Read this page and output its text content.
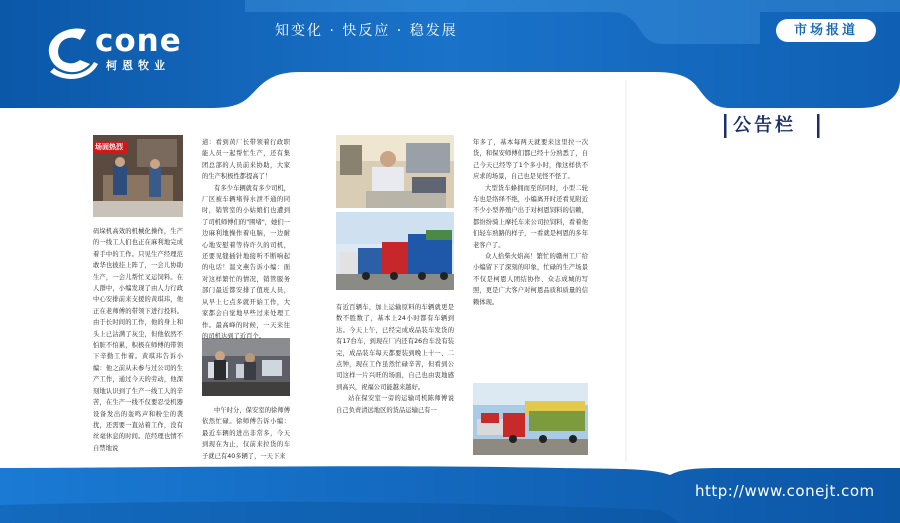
cone
柯恩牧业
知变化 · 快反应 · 稳发展	市场报道
场面热烈

码垛机高效的机械化操作，生产的一线工人们也正在麻利地完成着手中的工作。只见生产经理范敢华也披挂上阵了，一会儿协助生产，一会儿帮忙叉运饲料。在人群中，小编发现了由人力行政中心安排前来支援的黄琪玮，他正在老师傅的带领下进行投料。由于长时间的工作，他的身上和头上已沾满了灰尘，但他依然不怕脏不怕累，积极在师傅的带领下辛勤工作着。黄琪玮告诉小编：他之前从未参与过公司的生产工作，通过今天的劳动，他深刻地认识到了生产一线工人的辛苦，在生产一线不仅要忍受机器设备发出的轰鸣声和粉尘的袭扰，还需要一直站着工作，没有丝毫休息的时间。范经理也情不自禁地说

道：看到黄厂长带领着行政职能人员一起帮忙生产，还有集团总部的人员前来协助，大家的生产积极性都提高了！

有多少车辆就有多少司机，厂区被车辆堵得水泄不通的同时，销管室的小姑娘们也遭到了司机师傅们的"围堵"，她们一边麻利地操作着电脑，一边耐心地安慰着等待许久的司机，还要见缝插针地接听不断响起的电话！温文燕告诉小编：面对这样繁忙的情况，销管服务部门最近都安排了值班人员，从早上七点多就开始工作，大家都会自觉地早些过来处理工作。最高峰的时候，一天来往的司机达到了近百个。

中午时分，保安室的徐师傅依然忙碌。徐师傅告诉小编：最近车辆的进出非常多，今天到现在为止，仅前来拉货的车子就已有40多辆了，一天下来

有近百辆车，加上运输原料的车辆就更是数不胜数了，基本上24小时都有车辆到达。今天上午，已经完成成品装车发货的有17台车，到现在厂内还有26台车没有装完，成品装车每天都要装到晚上十一、二点钟，现在工作虽然忙碌辛苦，但看到公司这样一片兴旺的场面，自己也由衷地感到高兴，祝福公司能越来越好。

站在保安室一旁的运输司机陈师傅说自己负责清远地区的货品运输已有一

年多了，基本每两天就要来这里拉一次货，和保安师傅们都已经十分熟悉了，自己今天已经等了1个多小时，像这样供不应求的场景，自己也是见怪不怪了。

大型货车蜂拥而至的同时，小型二轮车也是络绎不绝，小编离开时还看见附近不少小型养殖户出于对柯恩饲料的信赖，都纷纷骑上摩托车来公司拉饲料，看着他们轻车熟路的样子，一看就是柯恩的多年老客户了。

众人拾柴火焰高！繁忙的赣州工厂给小编留下了深刻的印象，忙碌的生产场景不仅是柯恩人团结协作、众志成城的写照，更是广大客户对柯恩品质和质量的信赖体现。

公告栏
http://www.conejt.com
